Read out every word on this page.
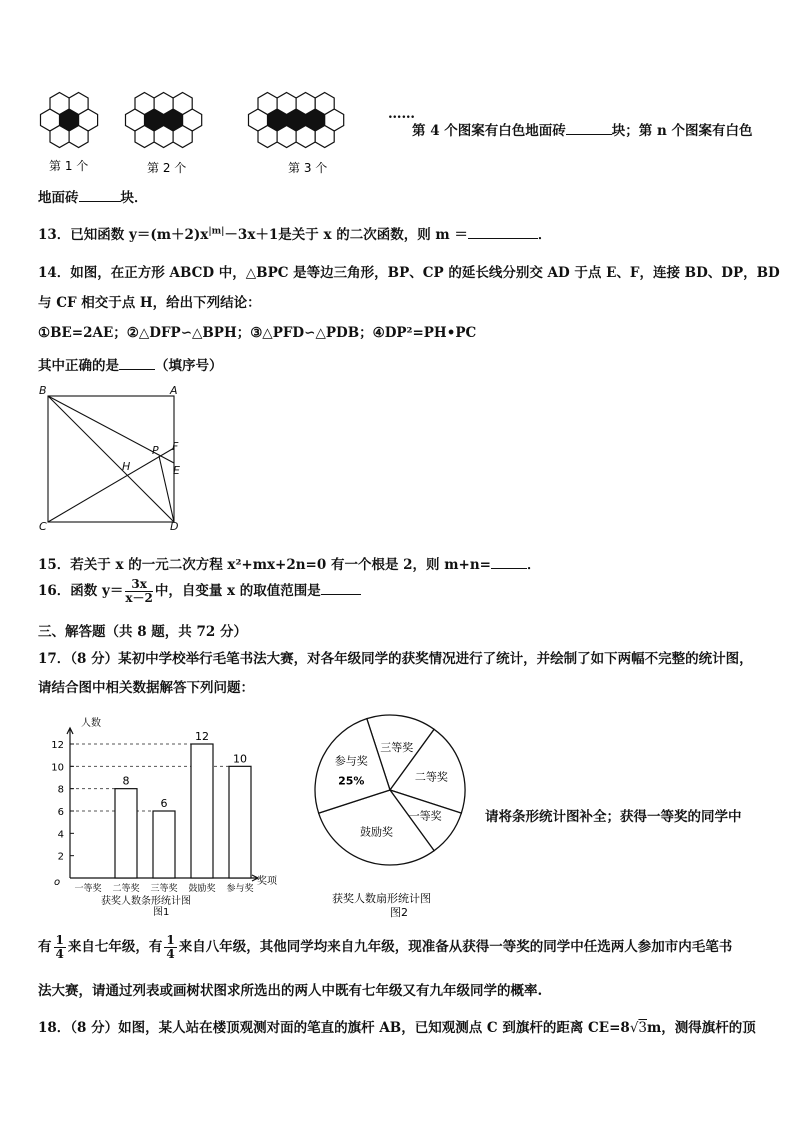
第 1 个	第 2 个	第 3 个
……
第 4 个图案有白色地面砖	块；第 n 个图案有白色
地面砖	块．
13．已知函数 $y=(m+2)x^{|m|}-3x+1$是关于 x 的二次函数，则 m ＝	．
14．如图，在正方形 ABCD 中，△BPC 是等边三角形，BP、CP 的延长线分别交 AD 于点 E、F，连接 BD、DP，BD
与 CF 相交于点 H，给出下列结论：
①BE=2AE；②△DFP∽△BPH；③△PFD∽△PDB；④DP²=PH•PC
其中正确的是	（填序号）
B	A
C	D
P F
E
H
15．若关于 x 的一元二次方程 x²+mx+2n=0 有一个根是 2，则 m+n=	．
16．函数 $y= \frac{3x}{x-2}$ 中，自变量 x 的取值范围是
三、解答题（共 8 题，共 72 分）
17．（8 分）某初中学校举行毛笔书法大赛，对各年级同学的获奖情况进行了统计，并绘制了如下两幅不完整的统计图，
请结合图中相关数据解答下列问题：
2
4
6
8
10
12
8
6
12
10
一等奖 二等奖 三等奖 鼓励奖 参与奖
人数
奖项
o
获奖人数条形统计图
图1
三等奖
二等奖
一等奖
鼓励奖
参与奖
25%
获奖人数扇形统计图
图2
请将条形统计图补全；获得一等奖的同学中
有 $\frac{1}{4}$ 来自七年级，有 $\frac{1}{4}$ 来自八年级，其他同学均来自九年级，现准备从获得一等奖的同学中任选两人参加市内毛笔书
法大赛，请通过列表或画树状图求所选出的两人中既有七年级又有九年级同学的概率.
18．（8 分）如图，某人站在楼顶观测对面的笔直的旗杆 AB，已知观测点 C 到旗杆的距离 CE=8√3m，测得旗杆的顶
